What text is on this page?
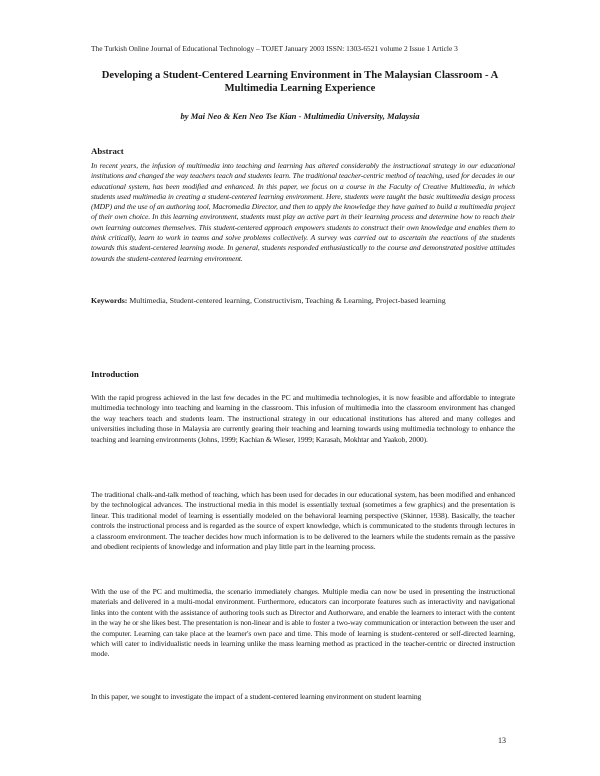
The Turkish Online Journal of Educational Technology – TOJET January 2003 ISSN: 1303-6521 volume 2 Issue 1 Article 3
Developing a Student-Centered Learning Environment in The Malaysian Classroom - A Multimedia Learning Experience
by Mai Neo & Ken Neo Tse Kian - Multimedia University, Malaysia
Abstract
In recent years, the infusion of multimedia into teaching and learning has altered considerably the instructional strategy in our educational institutions and changed the way teachers teach and students learn. The traditional teacher-centric method of teaching, used for decades in our educational system, has been modified and enhanced. In this paper, we focus on a course in the Faculty of Creative Multimedia, in which students used multimedia in creating a student-centered learning environment. Here, students were taught the basic multimedia design process (MDP) and the use of an authoring tool, Macromedia Director, and then to apply the knowledge they have gained to build a multimedia project of their own choice. In this learning environment, students must play an active part in their learning process and determine how to reach their own learning outcomes themselves. This student-centered approach empowers students to construct their own knowledge and enables them to think critically, learn to work in teams and solve problems collectively. A survey was carried out to ascertain the reactions of the students towards this student-centered learning mode. In general, students responded enthusiastically to the course and demonstrated positive attitudes towards the student-centered learning environment.
Keywords: Multimedia, Student-centered learning, Constructivism, Teaching & Learning, Project-based learning
Introduction
With the rapid progress achieved in the last few decades in the PC and multimedia technologies, it is now feasible and affordable to integrate multimedia technology into teaching and learning in the classroom. This infusion of multimedia into the classroom environment has changed the way teachers teach and students learn. The instructional strategy in our educational institutions has altered and many colleges and universities including those in Malaysia are currently gearing their teaching and learning towards using multimedia technology to enhance the teaching and learning environments (Johns, 1999; Kachian & Wieser, 1999; Karasah, Mokhtar and Yaakob, 2000).
The traditional chalk-and-talk method of teaching, which has been used for decades in our educational system, has been modified and enhanced by the technological advances. The instructional media in this model is essentially textual (sometimes a few graphics) and the presentation is linear. This traditional model of learning is essentially modeled on the behavioral learning perspective (Skinner, 1938). Basically, the teacher controls the instructional process and is regarded as the source of expert knowledge, which is communicated to the students through lectures in a classroom environment. The teacher decides how much information is to be delivered to the learners while the students remain as the passive and obedient recipients of knowledge and information and play little part in the learning process.
With the use of the PC and multimedia, the scenario immediately changes. Multiple media can now be used in presenting the instructional materials and delivered in a multi-modal environment. Furthermore, educators can incorporate features such as interactivity and navigational links into the content with the assistance of authoring tools such as Director and Authorware, and enable the learners to interact with the content in the way he or she likes best. The presentation is non-linear and is able to foster a two-way communication or interaction between the user and the computer. Learning can take place at the learner's own pace and time. This mode of learning is student-centered or self-directed learning, which will cater to individualistic needs in learning unlike the mass learning method as practiced in the teacher-centric or directed instruction mode.
In this paper, we sought to investigate the impact of a student-centered learning environment on student learning
13
